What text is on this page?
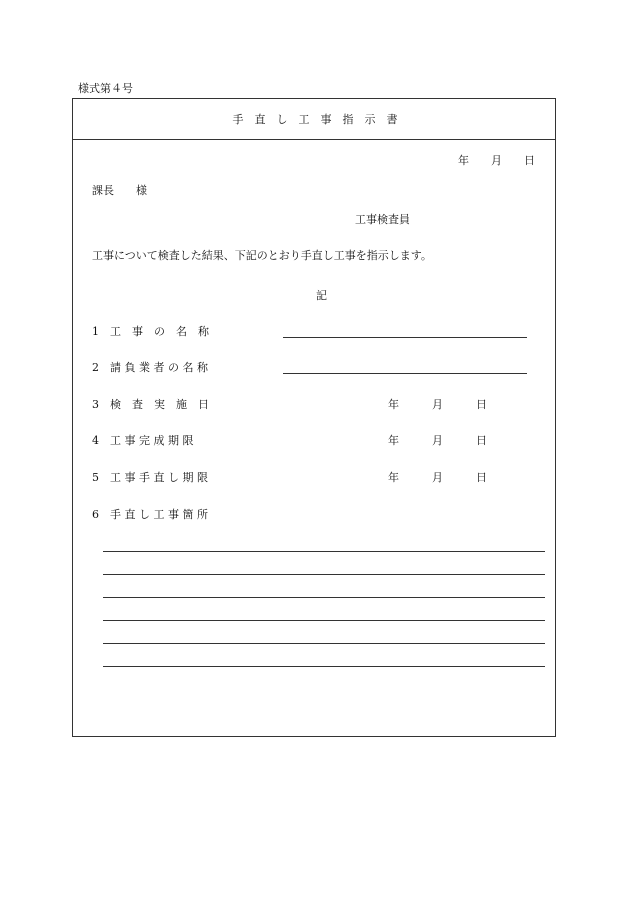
様式第４号
手　直　し　工　事　指　示　書
年　　月　　日
課長　　様
工事検査員
工事について検査した結果、下記のとおり手直し工事を指示します。
記
1　工　事　の　名　称
2　請 負 業 者 の 名 称
3　検　査　実　施　日	年　　　月　　　日
4　工 事 完 成 期 限	年　　　月　　　日
5　工 事 手 直 し 期 限	年　　　月　　　日
6　手 直 し 工 事 箇 所
